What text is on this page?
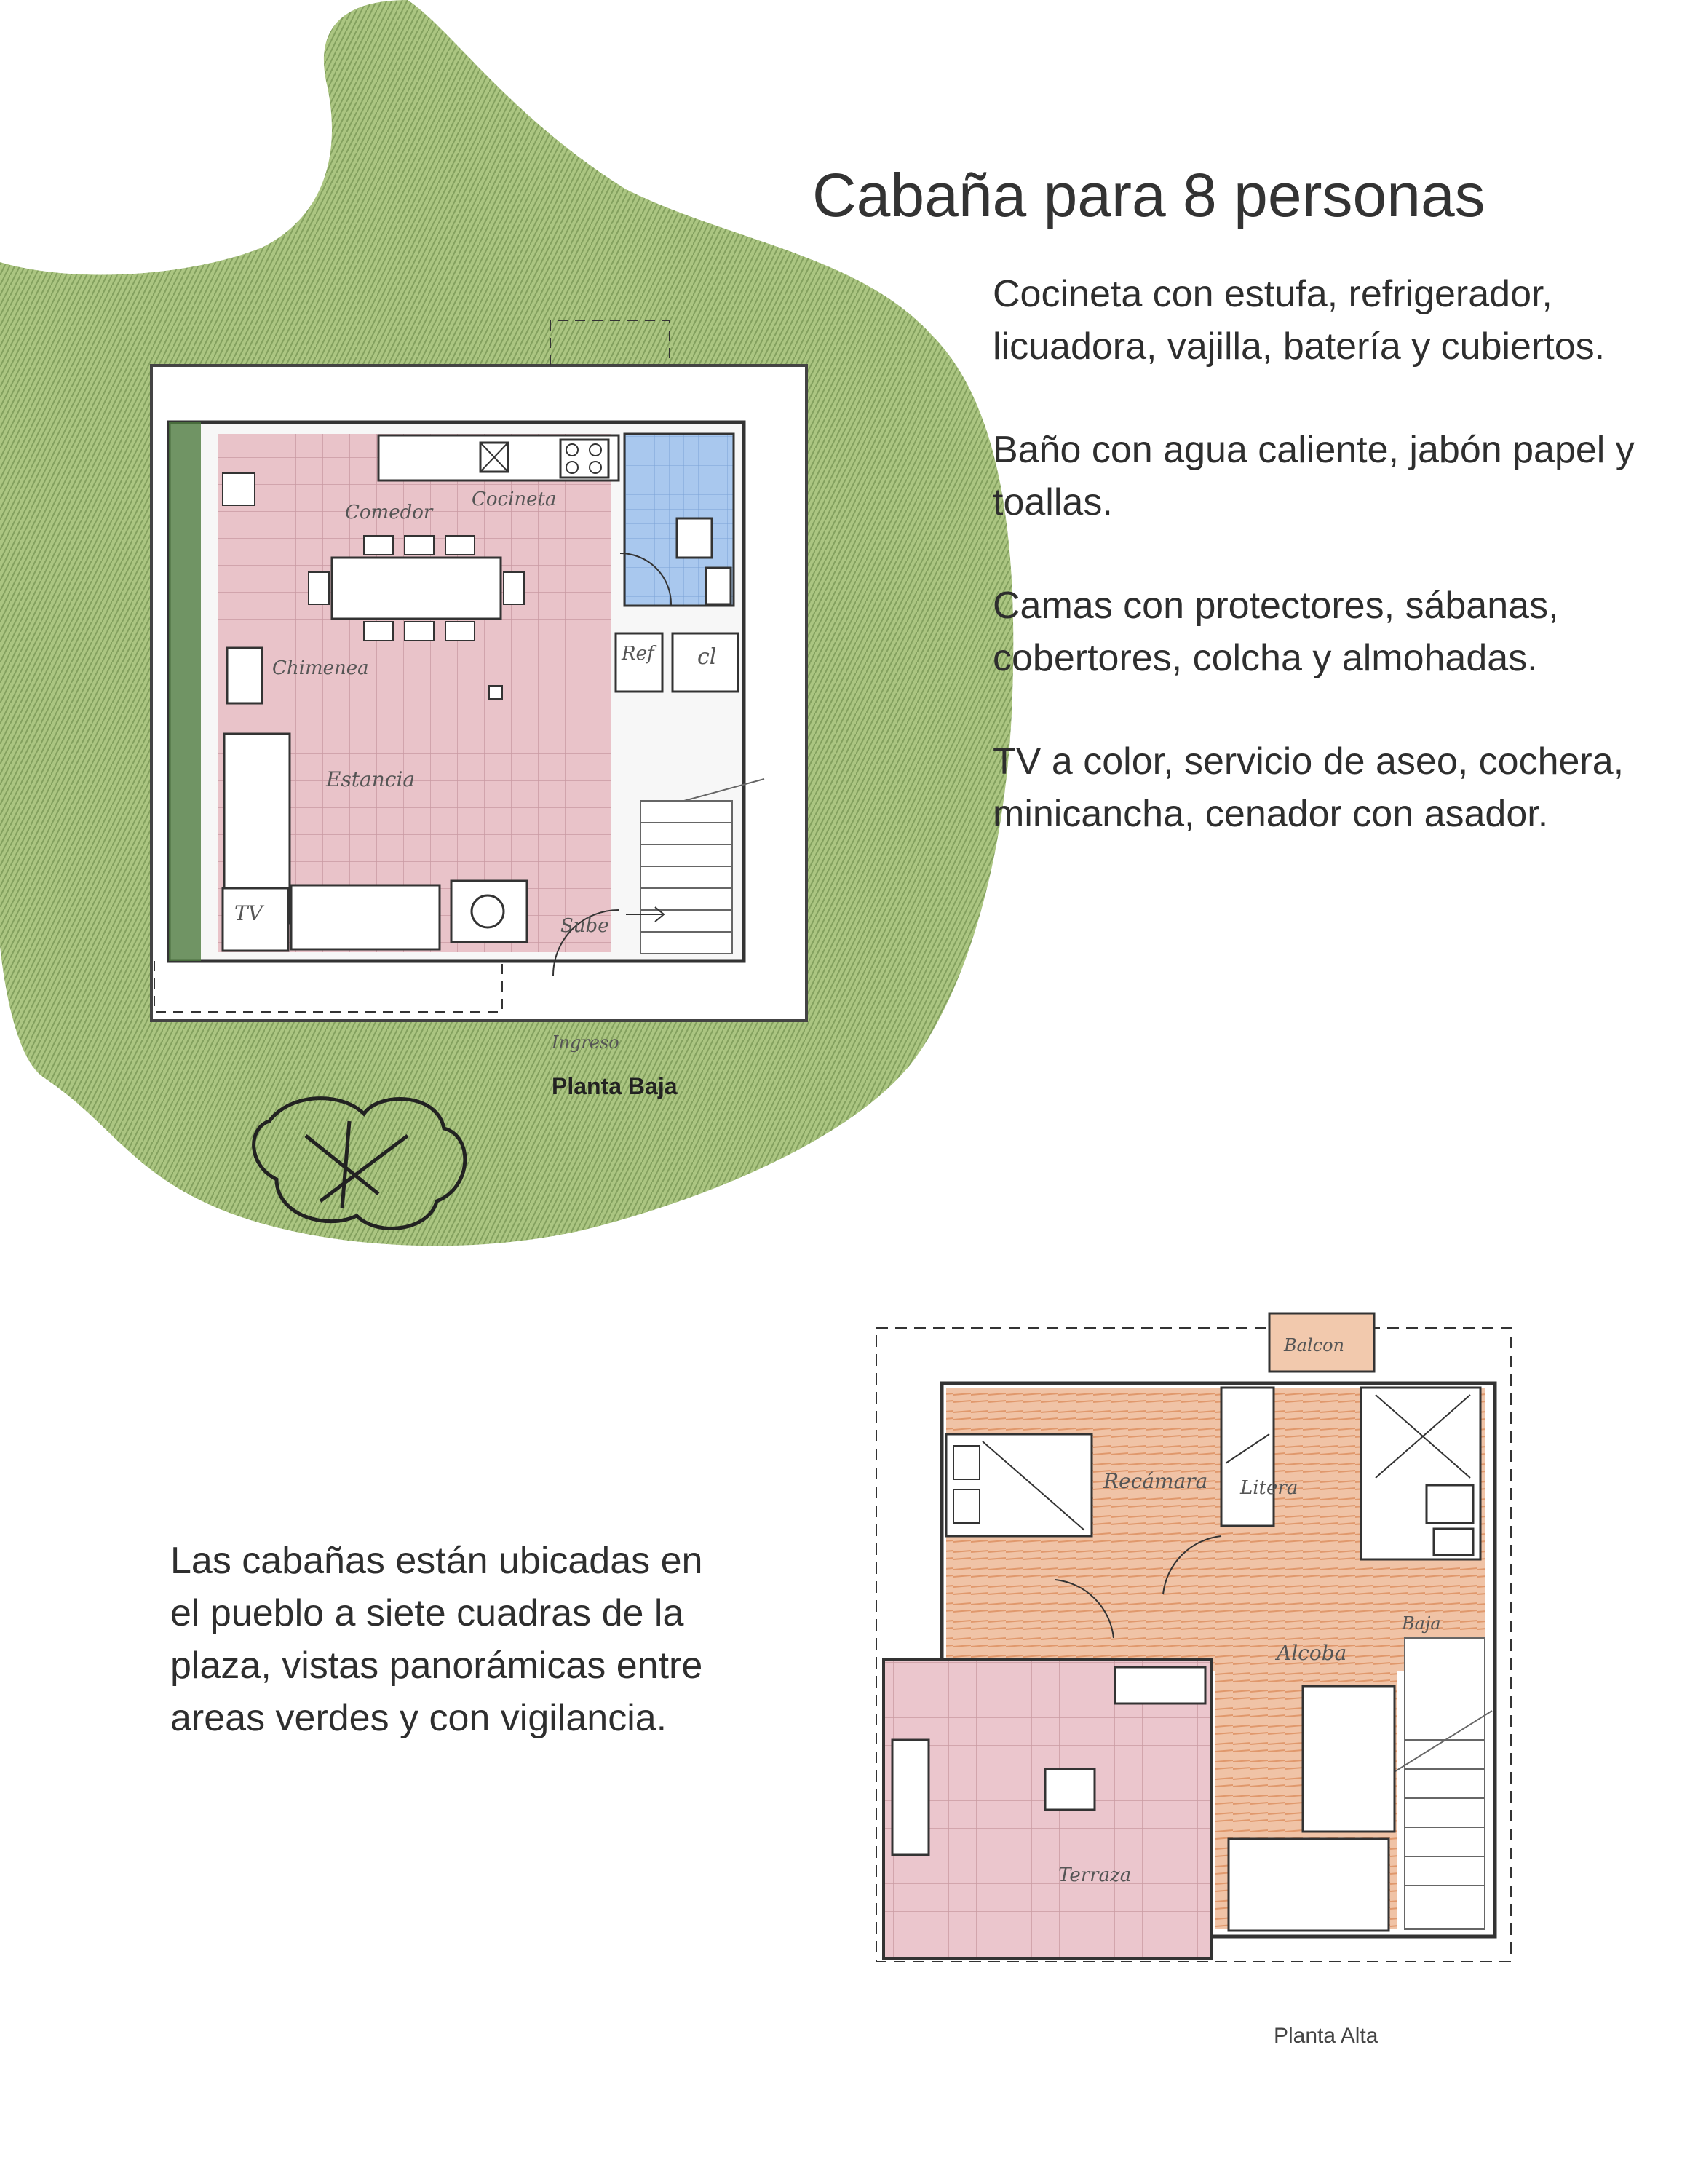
Comedor
Cocineta
Chimenea
Ref cl
Estancia
TV
Sube
Ingreso
Balcon
Recámara Litera
Baja
Alcoba
Terraza
Cabaña para 8 personas

Cocineta con estufa, refrigerador, licuadora, vajilla, batería y cubiertos.

Baño con agua caliente, jabón papel y toallas.

Camas con protectores, sábanas, cobertores, colcha y almohadas.

TV a color, servicio de aseo, cochera, minicancha, cenador con asador.

Las cabañas están ubicadas en el pueblo a siete cuadras de la plaza, vistas panorámicas entre areas verdes y con vigilancia.
Planta Baja
Planta Alta
